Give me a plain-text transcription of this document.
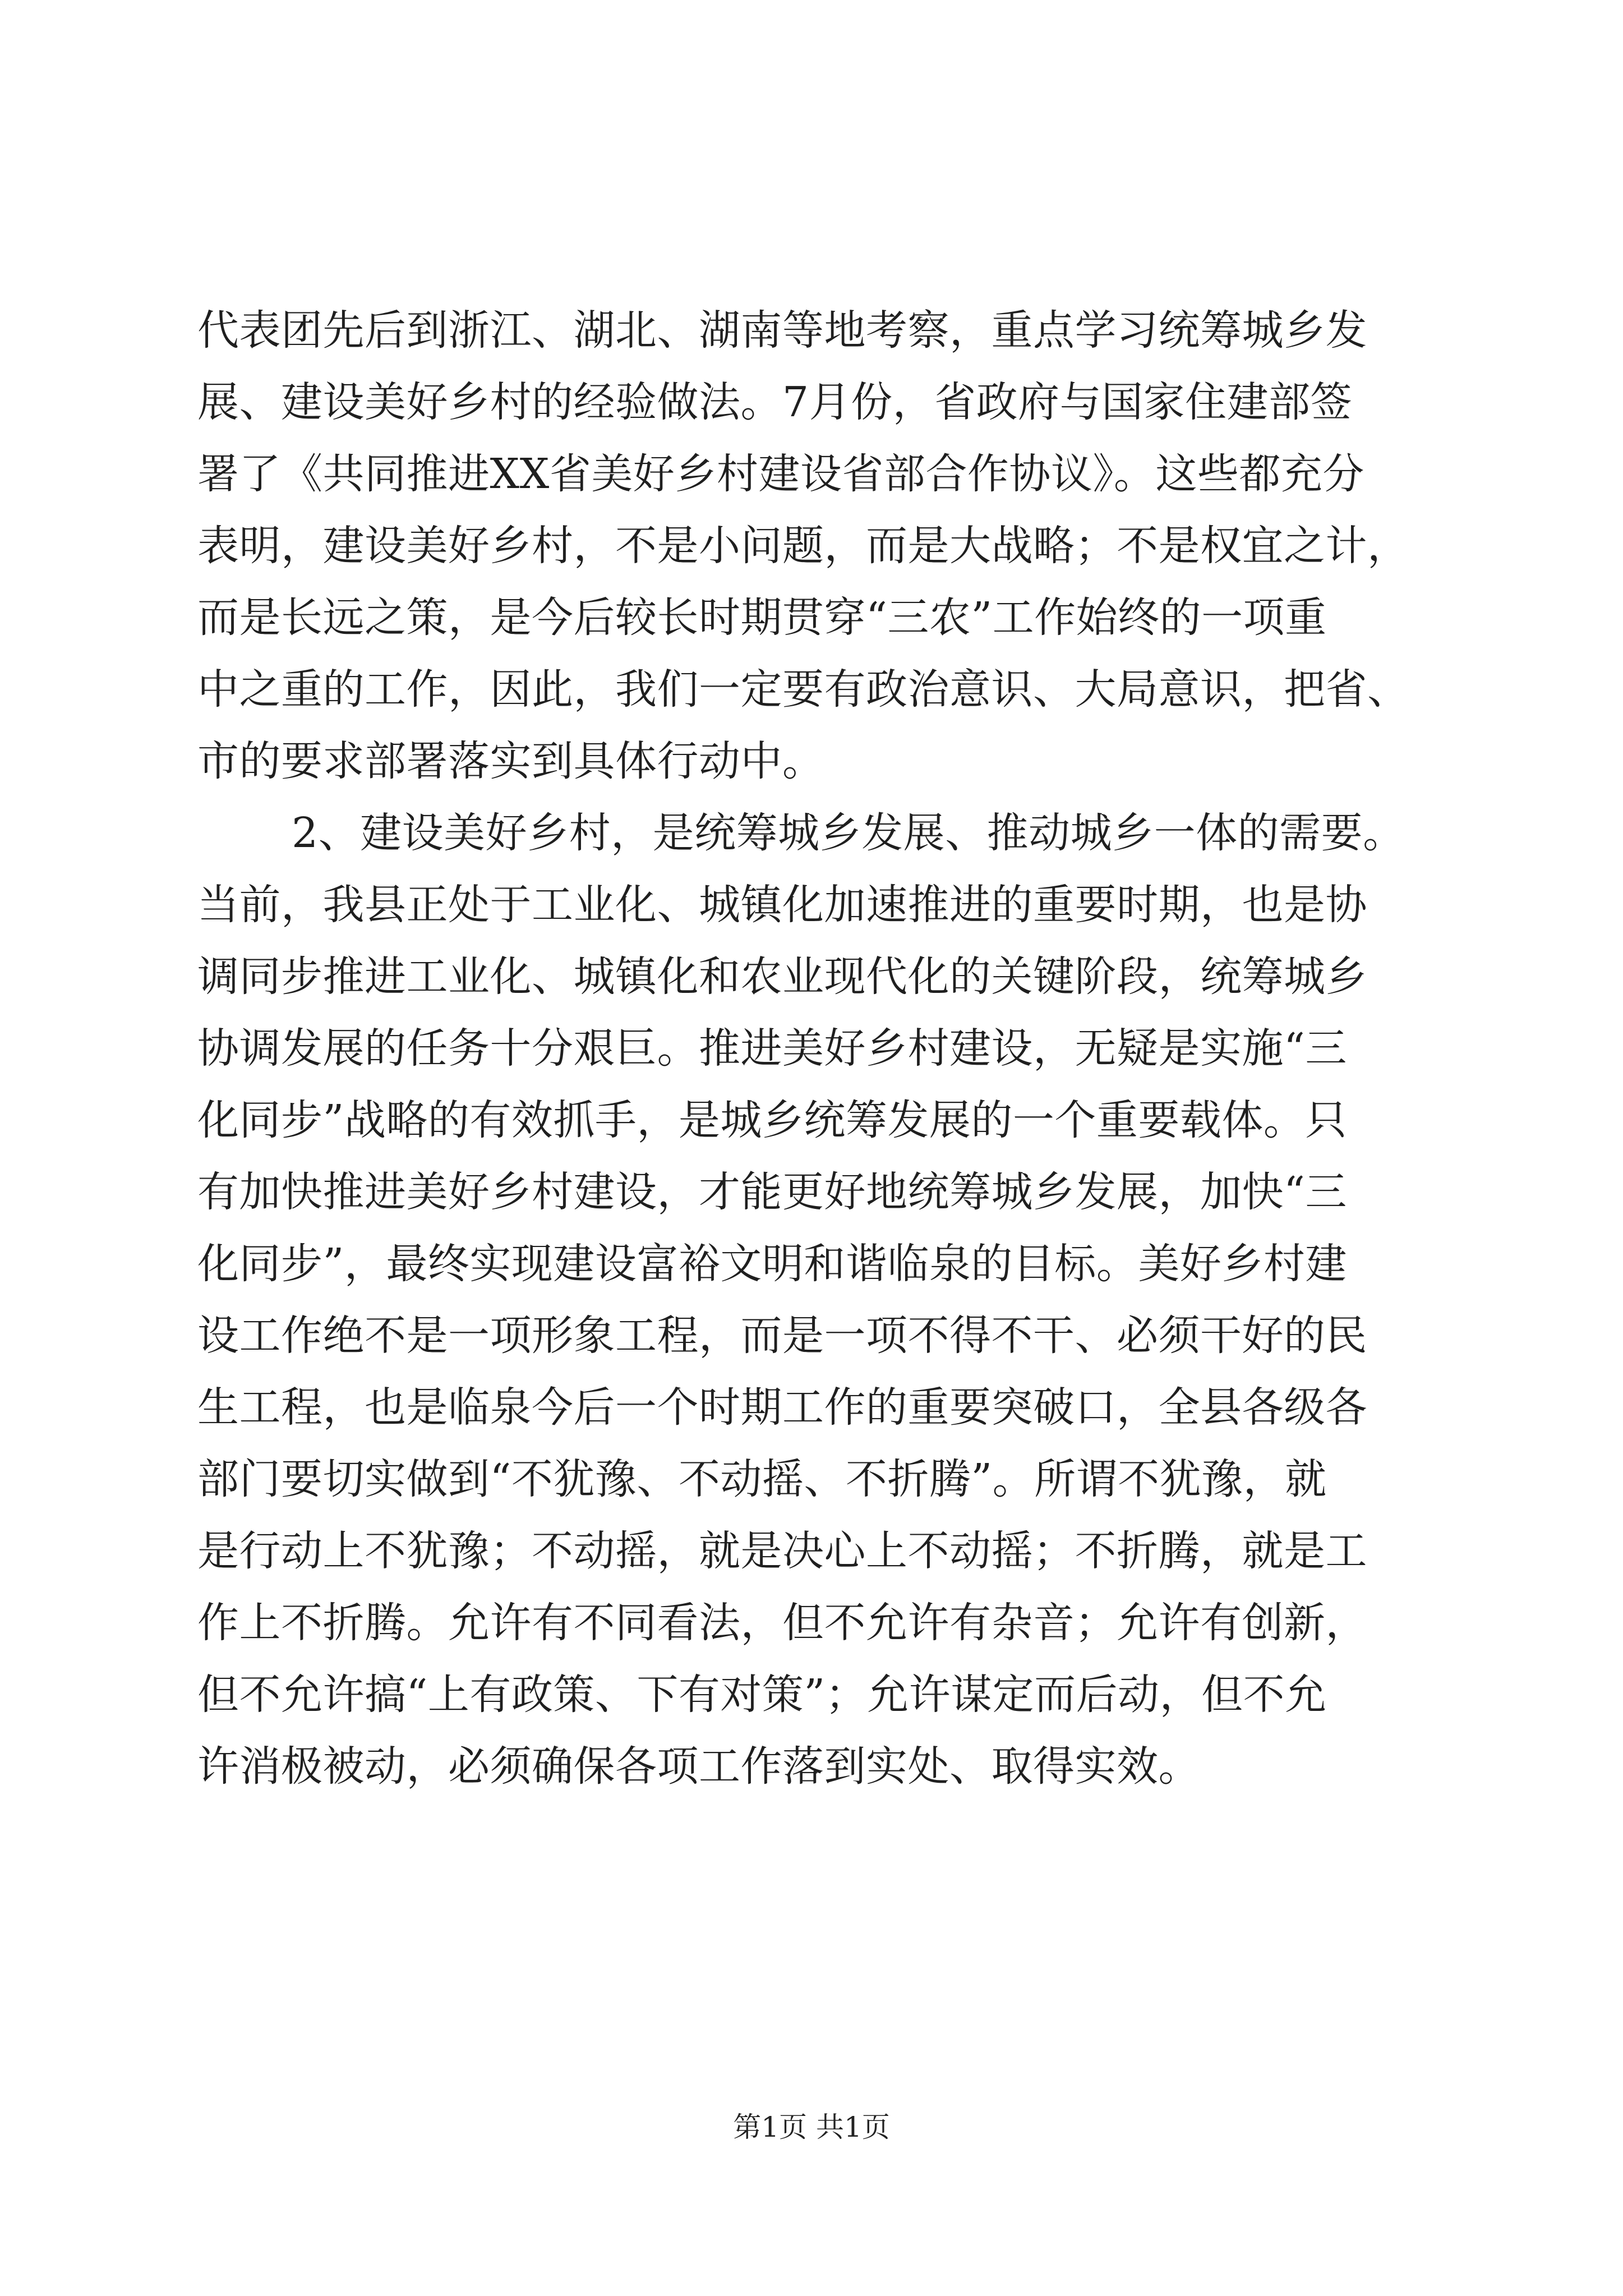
代表团先后到浙江、湖北、湖南等地考察，重点学习统筹城乡发
展、建设美好乡村的经验做法。7月份，省政府与国家住建部签
署了《共同推进XX省美好乡村建设省部合作协议》。这些都充分
表明，建设美好乡村，不是小问题，而是大战略；不是权宜之计，
而是长远之策，是今后较长时期贯穿“三农”工作始终的一项重
中之重的工作，因此，我们一定要有政治意识、大局意识，把省、
市的要求部署落实到具体行动中。
2、建设美好乡村，是统筹城乡发展、推动城乡一体的需要。
当前，我县正处于工业化、城镇化加速推进的重要时期，也是协
调同步推进工业化、城镇化和农业现代化的关键阶段，统筹城乡
协调发展的任务十分艰巨。推进美好乡村建设，无疑是实施“三
化同步”战略的有效抓手，是城乡统筹发展的一个重要载体。只
有加快推进美好乡村建设，才能更好地统筹城乡发展，加快“三
化同步”，最终实现建设富裕文明和谐临泉的目标。美好乡村建
设工作绝不是一项形象工程，而是一项不得不干、必须干好的民
生工程，也是临泉今后一个时期工作的重要突破口，全县各级各
部门要切实做到“不犹豫、不动摇、不折腾”。所谓不犹豫，就
是行动上不犹豫；不动摇，就是决心上不动摇；不折腾，就是工
作上不折腾。允许有不同看法，但不允许有杂音；允许有创新，
但不允许搞“上有政策、下有对策”；允许谋定而后动，但不允
许消极被动，必须确保各项工作落到实处、取得实效。
第1页 共1页
